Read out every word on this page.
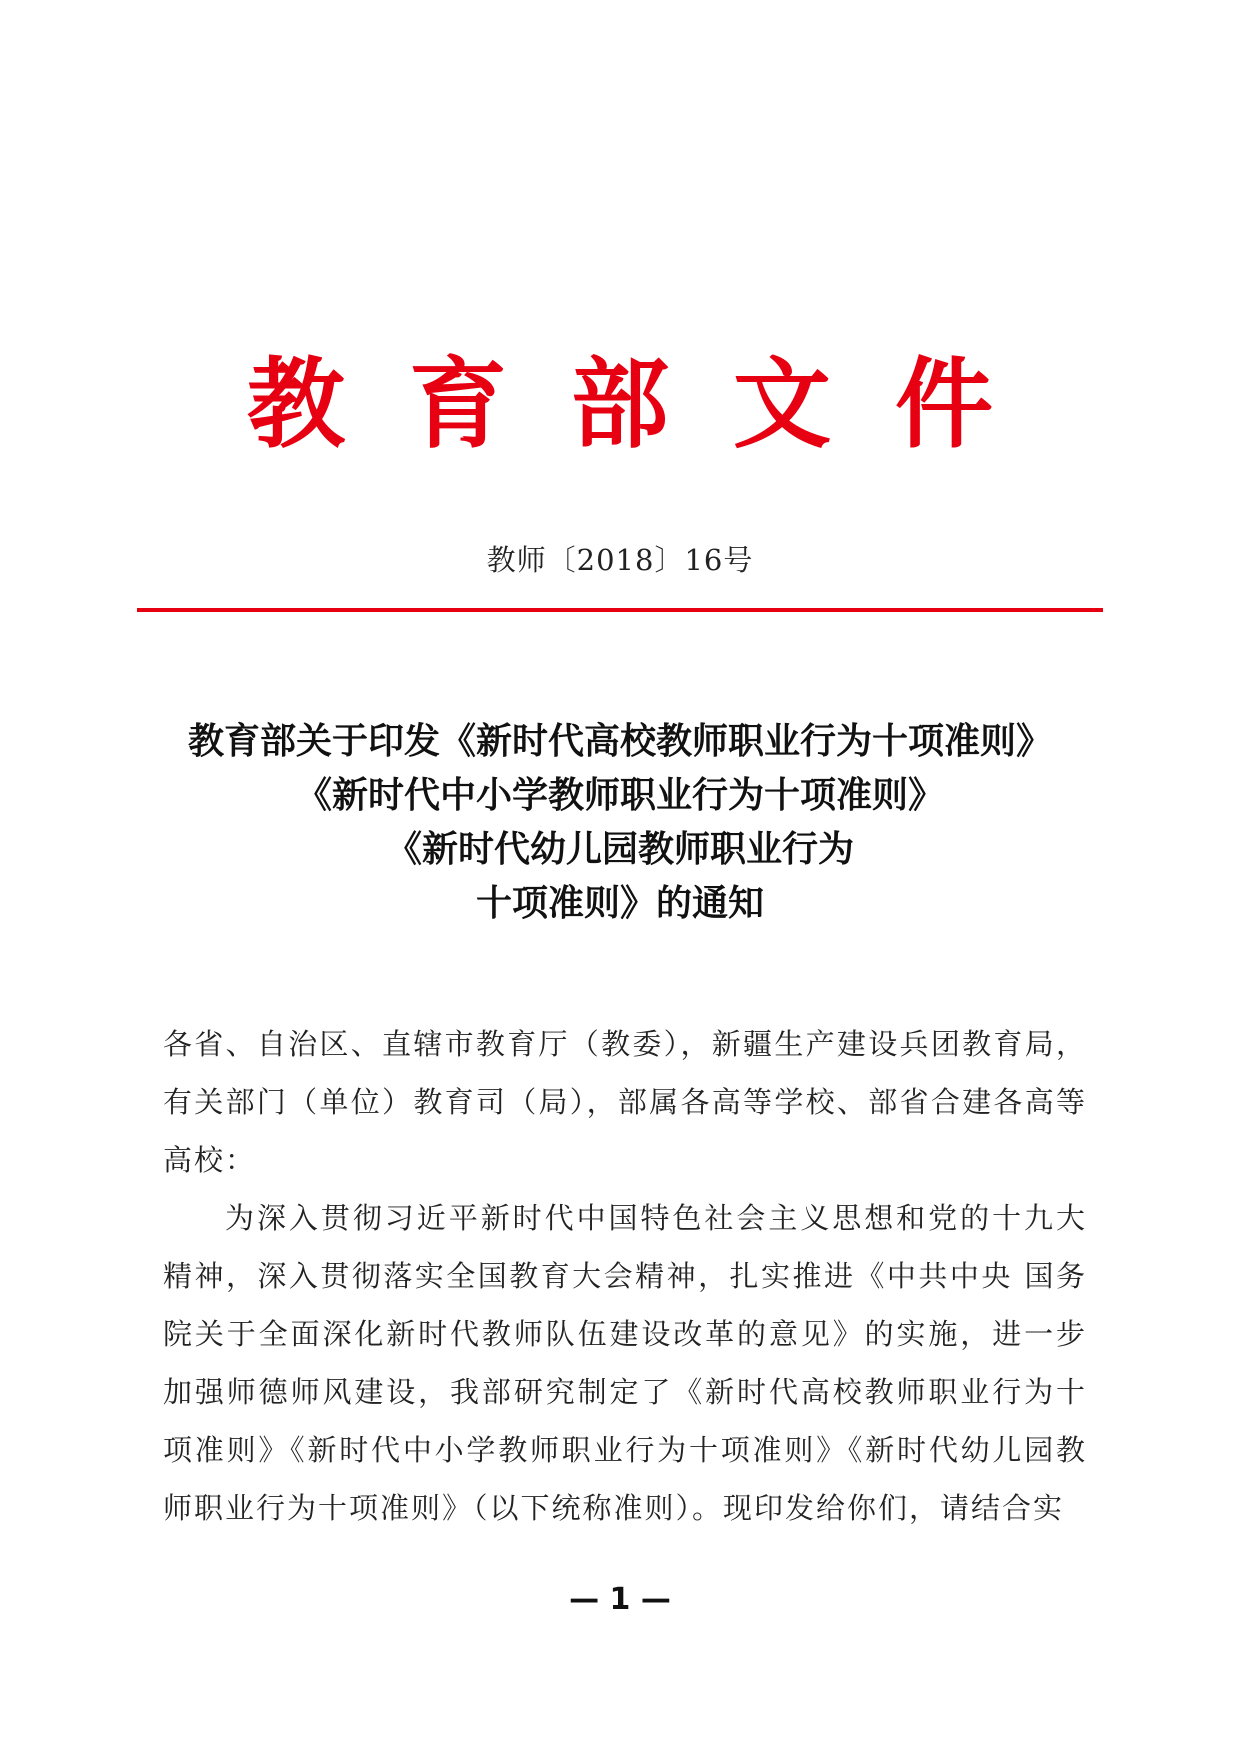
教育部文件
教师〔2018〕16号
教育部关于印发《新时代高校教师职业行为十项准则》
《新时代中小学教师职业行为十项准则》
《新时代幼儿园教师职业行为
十项准则》的通知

各省、自治区、直辖市教育厅（教委），新疆生产建设兵团教育局，有关部门（单位）教育司（局），部属各高等学校、部省合建各高等高校：

为深入贯彻习近平新时代中国特色社会主义思想和党的十九大精神，深入贯彻落实全国教育大会精神，扎实推进《中共中央 国务院关于全面深化新时代教师队伍建设改革的意见》的实施，进一步加强师德师风建设，我部研究制定了《新时代高校教师职业行为十项准则》《新时代中小学教师职业行为十项准则》《新时代幼儿园教师职业行为十项准则》（以下统称准则）。现印发给你们，请结合实

— 1 —
